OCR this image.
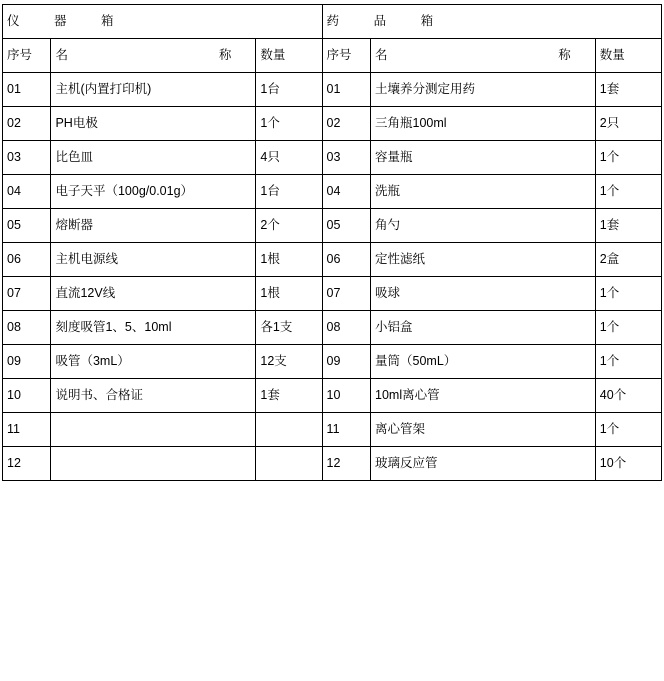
仪 器 箱			药 品 箱		
序号	名 称	数量	序号	名 称	数量
01	主机(内置打印机)	1台	01	土壤养分测定用药	1套
02	PH电极	1个	02	三角瓶100ml	2只
03	比色皿	4只	03	容量瓶	1个
04	电子天平（100g/0.01g）	1台	04	洗瓶	1个
05	熔断器	2个	05	角勺	1套
06	主机电源线	1根	06	定性滤纸	2盒
07	直流12V线	1根	07	吸球	1个
08	刻度吸管1、5、10ml	各1支	08	小铝盒	1个
09	吸管（3mL）	12支	09	量筒（50mL）	1个
10	说明书、合格证	1套	10	10ml离心管	40个
11			11	离心管架	1个
12			12	玻璃反应管	10个
